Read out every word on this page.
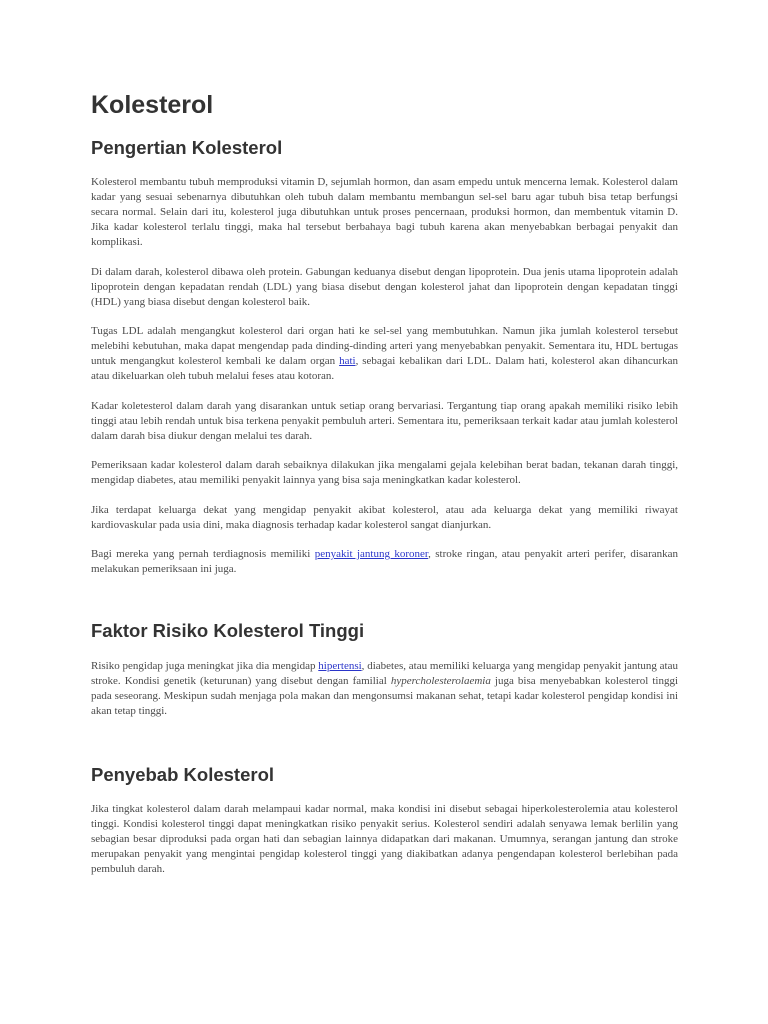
Kolesterol
Pengertian Kolesterol

Kolesterol membantu tubuh memproduksi vitamin D, sejumlah hormon, dan asam empedu untuk mencerna lemak. Kolesterol dalam kadar yang sesuai sebenarnya dibutuhkan oleh tubuh dalam membantu membangun sel-sel baru agar tubuh bisa tetap berfungsi secara normal. Selain dari itu, kolesterol juga dibutuhkan untuk proses pencernaan, produksi hormon, dan membentuk vitamin D. Jika kadar kolesterol terlalu tinggi, maka hal tersebut berbahaya bagi tubuh karena akan menyebabkan berbagai penyakit dan komplikasi.

Di dalam darah, kolesterol dibawa oleh protein. Gabungan keduanya disebut dengan lipoprotein. Dua jenis utama lipoprotein adalah lipoprotein dengan kepadatan rendah (LDL) yang biasa disebut dengan kolesterol jahat dan lipoprotein dengan kepadatan tinggi (HDL) yang biasa disebut dengan kolesterol baik.

Tugas LDL adalah mengangkut kolesterol dari organ hati ke sel-sel yang membutuhkan. Namun jika jumlah kolesterol tersebut melebihi kebutuhan, maka dapat mengendap pada dinding-dinding arteri yang menyebabkan penyakit. Sementara itu, HDL bertugas untuk mengangkut kolesterol kembali ke dalam organ hati, sebagai kebalikan dari LDL. Dalam hati, kolesterol akan dihancurkan atau dikeluarkan oleh tubuh melalui feses atau kotoran.

Kadar koletesterol dalam darah yang disarankan untuk setiap orang bervariasi. Tergantung tiap orang apakah memiliki risiko lebih tinggi atau lebih rendah untuk bisa terkena penyakit pembuluh arteri. Sementara itu, pemeriksaan terkait kadar atau jumlah kolesterol dalam darah bisa diukur dengan melalui tes darah.

Pemeriksaan kadar kolesterol dalam darah sebaiknya dilakukan jika mengalami gejala kelebihan berat badan, tekanan darah tinggi, mengidap diabetes, atau memiliki penyakit lainnya yang bisa saja meningkatkan kadar kolesterol.

Jika terdapat keluarga dekat yang mengidap penyakit akibat kolesterol, atau ada keluarga dekat yang memiliki riwayat kardiovaskular pada usia dini, maka diagnosis terhadap kadar kolesterol sangat dianjurkan.

Bagi mereka yang pernah terdiagnosis memiliki penyakit jantung koroner, stroke ringan, atau penyakit arteri perifer, disarankan melakukan pemeriksaan ini juga.

Faktor Risiko Kolesterol Tinggi

Risiko pengidap juga meningkat jika dia mengidap hipertensi, diabetes, atau memiliki keluarga yang mengidap penyakit jantung atau stroke. Kondisi genetik (keturunan) yang disebut dengan familial hypercholesterolaemia juga bisa menyebabkan kolesterol tinggi pada seseorang. Meskipun sudah menjaga pola makan dan mengonsumsi makanan sehat, tetapi kadar kolesterol pengidap kondisi ini akan tetap tinggi.

Penyebab Kolesterol

Jika tingkat kolesterol dalam darah melampaui kadar normal, maka kondisi ini disebut sebagai hiperkolesterolemia atau kolesterol tinggi. Kondisi kolesterol tinggi dapat meningkatkan risiko penyakit serius. Kolesterol sendiri adalah senyawa lemak berlilin yang sebagian besar diproduksi pada organ hati dan sebagian lainnya didapatkan dari makanan. Umumnya, serangan jantung dan stroke merupakan penyakit yang mengintai pengidap kolesterol tinggi yang diakibatkan adanya pengendapan kolesterol berlebihan pada pembuluh darah.
